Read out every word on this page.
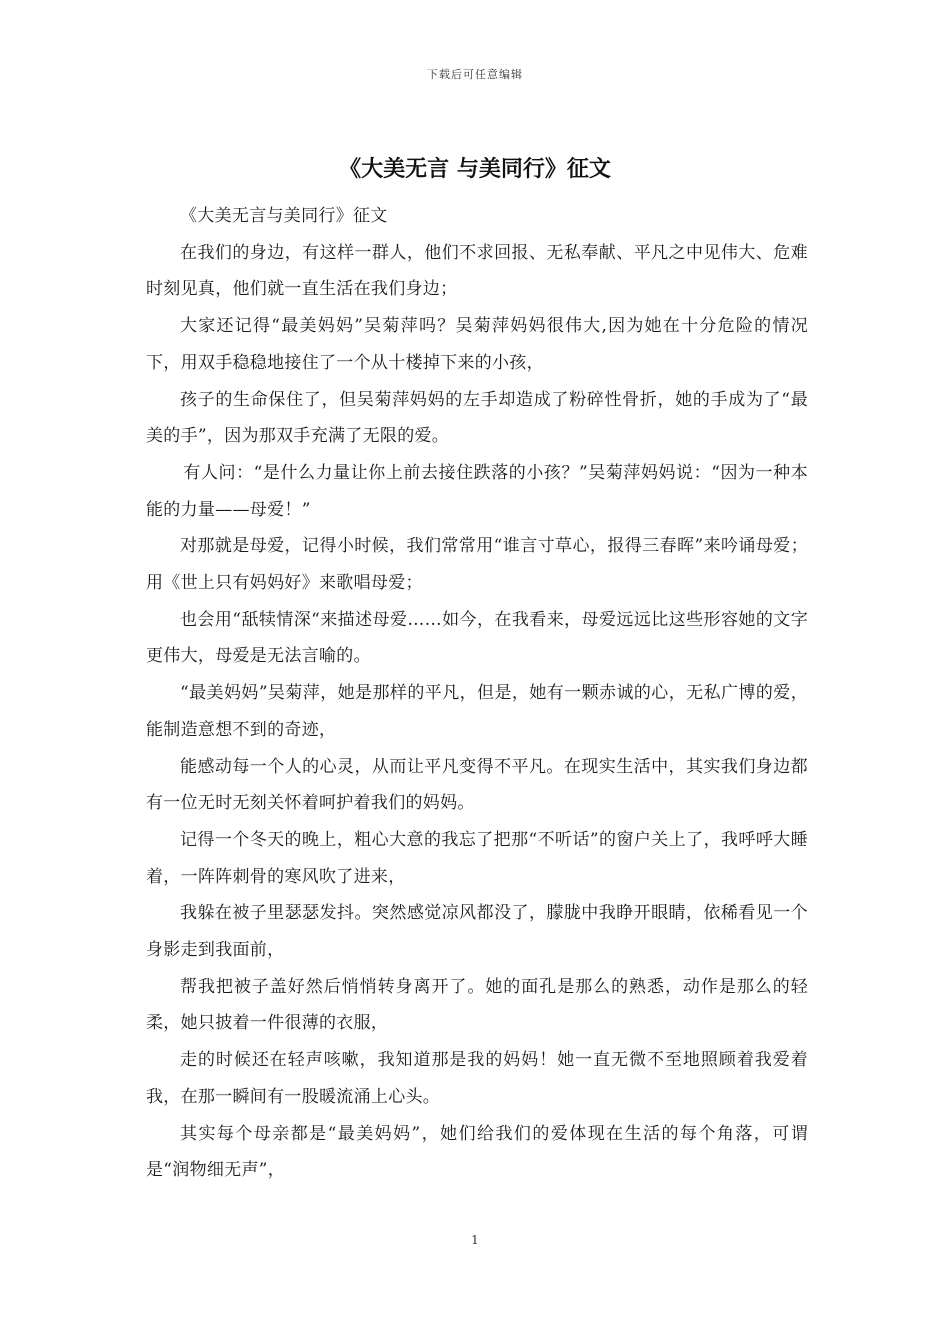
下载后可任意编辑
《大美无言 与美同行》征文

《大美无言与美同行》征文

在我们的身边，有这样一群人，他们不求回报、无私奉献、平凡之中见伟大、危难时刻见真，他们就一直生活在我们身边；

大家还记得“最美妈妈”吴菊萍吗？吴菊萍妈妈很伟大,因为她在十分危险的情况下，用双手稳稳地接住了一个从十楼掉下来的小孩，

孩子的生命保住了，但吴菊萍妈妈的左手却造成了粉碎性骨折，她的手成为了“最美的手”，因为那双手充满了无限的爱。

有人问：“是什么力量让你上前去接住跌落的小孩？”吴菊萍妈妈说：“因为一种本能的力量——母爱！”

对那就是母爱，记得小时候，我们常常用“谁言寸草心，报得三春晖”来吟诵母爱；用《世上只有妈妈好》来歌唱母爱；

也会用“舐犊情深“来描述母爱……如今，在我看来，母爱远远比这些形容她的文字更伟大，母爱是无法言喻的。

“最美妈妈”吴菊萍，她是那样的平凡，但是，她有一颗赤诚的心，无私广博的爱，能制造意想不到的奇迹，

能感动每一个人的心灵，从而让平凡变得不平凡。在现实生活中，其实我们身边都有一位无时无刻关怀着呵护着我们的妈妈。

记得一个冬天的晚上，粗心大意的我忘了把那“不听话”的窗户关上了，我呼呼大睡着，一阵阵刺骨的寒风吹了进来，

我躲在被子里瑟瑟发抖。突然感觉凉风都没了，朦胧中我睁开眼睛，依稀看见一个身影走到我面前，

帮我把被子盖好然后悄悄转身离开了。她的面孔是那么的熟悉，动作是那么的轻柔，她只披着一件很薄的衣服，

走的时候还在轻声咳嗽，我知道那是我的妈妈！她一直无微不至地照顾着我爱着我，在那一瞬间有一股暖流涌上心头。

其实每个母亲都是“最美妈妈”，她们给我们的爱体现在生活的每个角落，可谓是“润物细无声”，

1
